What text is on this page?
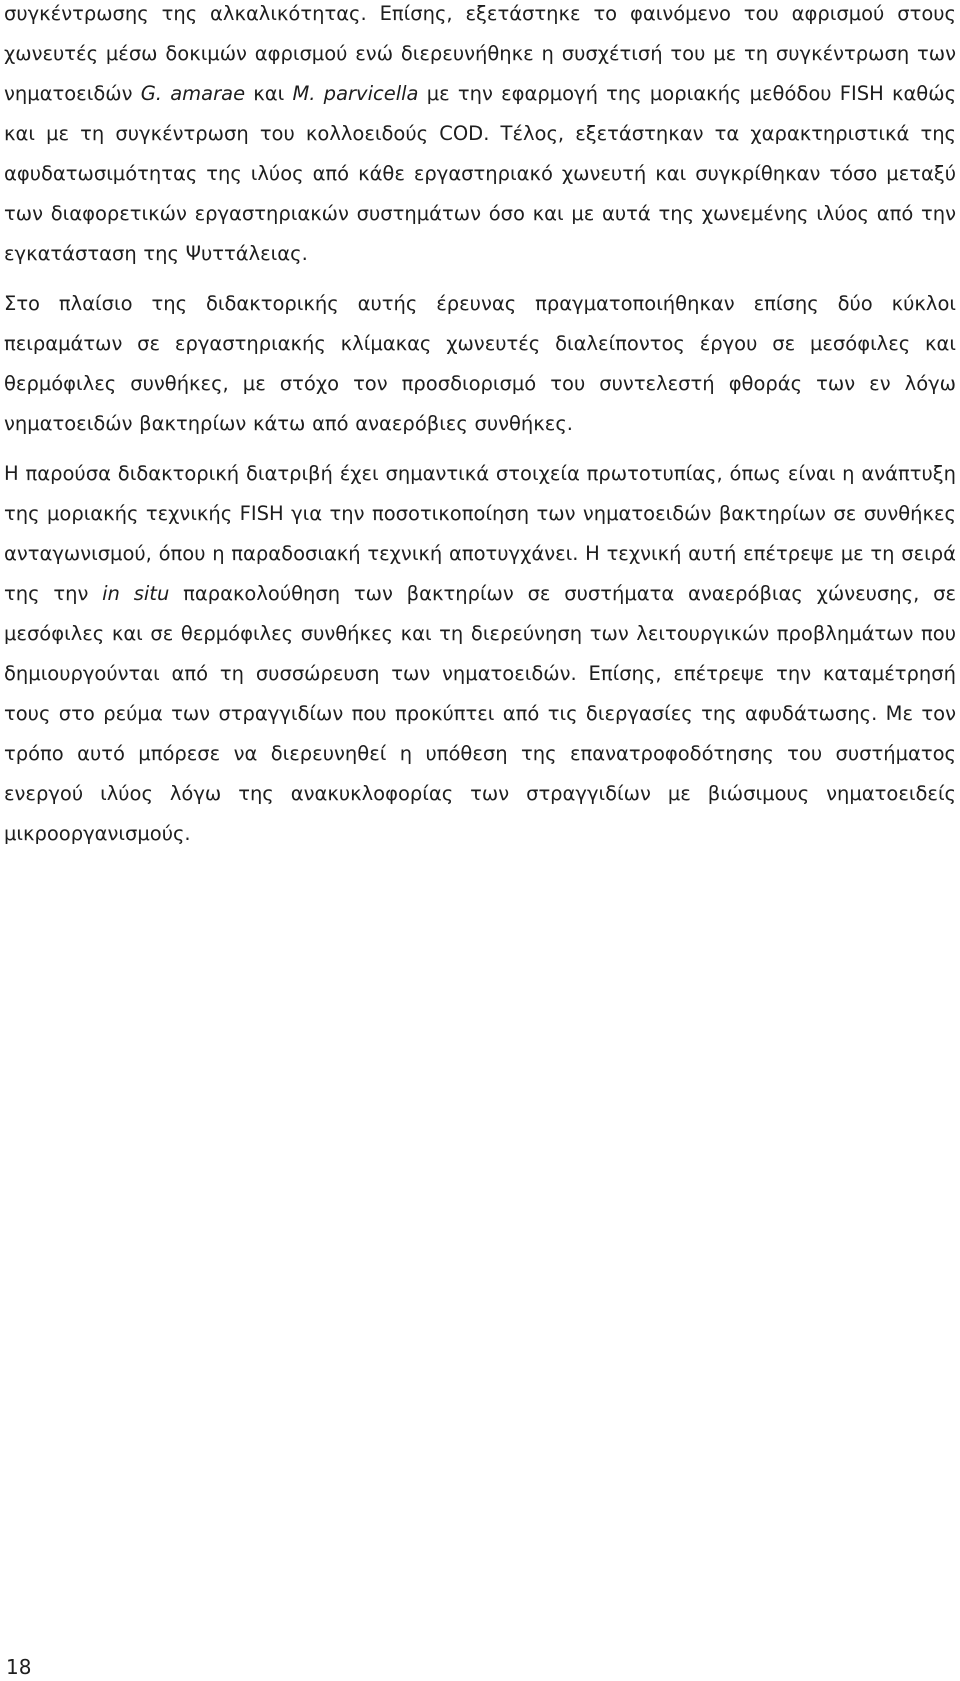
συγκέντρωσης της αλκαλικότητας. Επίσης, εξετάστηκε το φαινόμενο του αφρισμού στους χωνευτές μέσω δοκιμών αφρισμού ενώ διερευνήθηκε η συσχέτισή του με τη συγκέντρωση των νηματοειδών G. amarae και M. parvicella με την εφαρμογή της μοριακής μεθόδου FISH καθώς και με τη συγκέντρωση του κολλοειδούς COD. Τέλος, εξετάστηκαν τα χαρακτηριστικά της αφυδατωσιμότητας της ιλύος από κάθε εργαστηριακό χωνευτή και συγκρίθηκαν τόσο μεταξύ των διαφορετικών εργαστηριακών συστημάτων όσο και με αυτά της χωνεμένης ιλύος από την εγκατάσταση της Ψυττάλειας.

Στο πλαίσιο της διδακτορικής αυτής έρευνας πραγματοποιήθηκαν επίσης δύο κύκλοι πειραμάτων σε εργαστηριακής κλίμακας χωνευτές διαλείποντος έργου σε μεσόφιλες και θερμόφιλες συνθήκες, με στόχο τον προσδιορισμό του συντελεστή φθοράς των εν λόγω νηματοειδών βακτηρίων κάτω από αναερόβιες συνθήκες.

Η παρούσα διδακτορική διατριβή έχει σημαντικά στοιχεία πρωτοτυπίας, όπως είναι η ανάπτυξη της μοριακής τεχνικής FISH για την ποσοτικοποίηση των νηματοειδών βακτηρίων σε συνθήκες ανταγωνισμού, όπου η παραδοσιακή τεχνική αποτυγχάνει. Η τεχνική αυτή επέτρεψε με τη σειρά της την in situ παρακολούθηση των βακτηρίων σε συστήματα αναερόβιας χώνευσης, σε μεσόφιλες και σε θερμόφιλες συνθήκες και τη διερεύνηση των λειτουργικών προβλημάτων που δημιουργούνται από τη συσσώρευση των νηματοειδών. Επίσης, επέτρεψε την καταμέτρησή τους στο ρεύμα των στραγγιδίων που προκύπτει από τις διεργασίες της αφυδάτωσης. Με τον τρόπο αυτό μπόρεσε να διερευνηθεί η υπόθεση της επανατροφοδότησης του συστήματος ενεργού ιλύος λόγω της ανακυκλοφορίας των στραγγιδίων με βιώσιμους νηματοειδείς μικροοργανισμούς.

18
